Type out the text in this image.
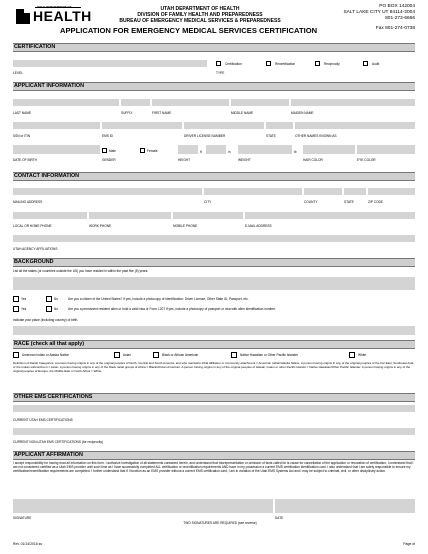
UTAH DEPARTMENT OF
HEALTH	UTAH DEPARTMENT OF HEALTH
DIVISION OF FAMILY HEALTH AND PREPAREDNESS
BUREAU OF EMERGENCY MEDICAL SERVICES & PREPAREDNESS
PO BOX 142004
SALT LAKE CITY UT 84114-2004
801-273-6666
Fax 801-274-0738
APPLICATION FOR EMERGENCY MEDICAL SERVICES CERTIFICATION
CERTIFICATION
LEVEL
Certification	Recertification	Reciprocity	Audit
TYPE
APPLICANT INFORMATION
LAST NAME	SUFFIX	FIRST NAME	MIDDLE NAME	MAIDEN NAME
SSN or ITIN	EMS ID	DRIVER LICENSE NUMBER	STATE	OTHER NAMES KNOWN AS
Male	Female	ft	in	lb
DATE OF BIRTH	GENDER	HEIGHT	WEIGHT	HAIR COLOR	EYE COLOR
CONTACT INFORMATION
MAILING ADDRESS	CITY	COUNTY	STATE	ZIP CODE
LOCAL OR HOME PHONE	WORK PHONE	MOBILE PHONE	E-MAIL ADDRESS
UTAH AGENCY AFFILIATIONS
BACKGROUND
List all the states (or countries outside the US) you have resided in within the past five (5) years.
Yes	No	Are you a citizen of the United States? If yes, include a photocopy of identification: Driver License, Other State ID, Passport, etc.
Yes	No	Are you a permanent resident alien or hold a valid visa or Form I-207 If yes, include a photocopy of passport or visa with alien identification number.
Indicate your place (including country) of birth.
RACE (check all that apply)
American Indian or Alaska Native	Asian	Black or African American	Native Hawaiian or Other Pacific Islander	White
Definition of Racial Categories: A person having origins in any of the original peoples of North, Central and South America, and who maintains tribal affiliation or community attachment = American Indian/Alaska Native. A person having origins in any of the original peoples of the Far East, Southeast Asia, or the Indian subcontinent = Asian. A person having origins in any of the black racial groups of Africa = Black/African American. A person having origins in any of the original peoples of Hawaii, Guam or other Pacific Islands = Native Hawaiian/Other Pacific Islander. A person having origins in any of the original peoples of Europe, the Middle East or North Africa = White.
OTHER EMS CERTIFICATIONS
CURRENT UTAH EMS CERTIFICATIONS
CURRENT NON-UTAH EMS CERTIFICATIONS (for reciprocity)
APPLICANT AFFIRMATION
I accept responsibility for having read all information on this form. I authorize investigation of all statements contained herein, and understand that misrepresentation or omission of facts called for is cause for cancellation of the application or revocation of certification. I understand that I am not considered certified as a Utah EMS provider until such time as I have successfully completed ALL certification or recertification requirements AND have in my possession a current EMS certification identification card. I also understand that I am solely responsible to ensure my certification/recertification requirements are completed. I further understand that if I function as an EMS provider without a current EMS certification card, I am in violation of the Utah EMS Systems Act and I may be subject to criminal, civil, or other disciplinary action.
SIGNATURE	DATE
TWO SIGNATURES ARE REQUIRED (see reverse)
Rev. 01/14/2016 ss	Page of
